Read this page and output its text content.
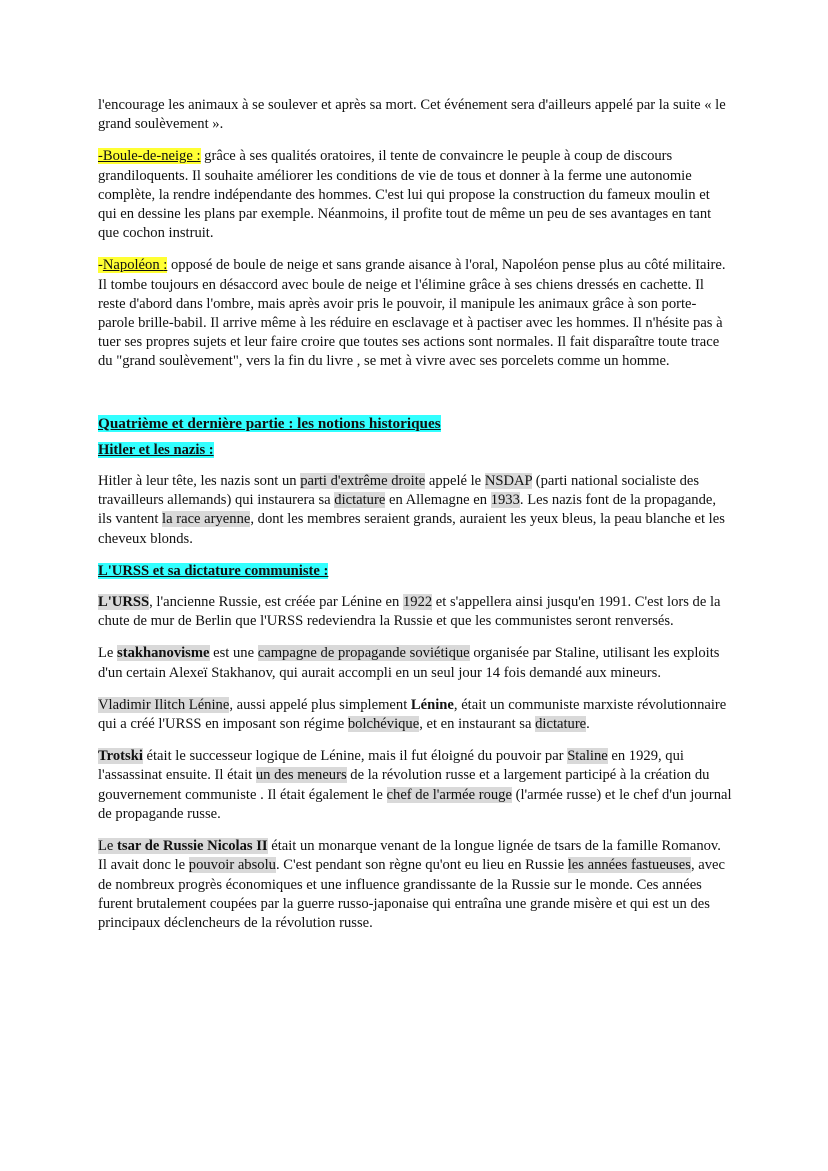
l'encourage les animaux à se soulever et après sa mort. Cet événement sera d'ailleurs appelé par la suite « le grand soulèvement ».

-Boule-de-neige : grâce à ses qualités oratoires, il tente de convaincre le peuple à coup de discours grandiloquents. Il souhaite améliorer les conditions de vie de tous et donner à la ferme une autonomie complète, la rendre indépendante des hommes. C'est lui qui propose la construction du fameux moulin et qui en dessine les plans par exemple. Néanmoins, il profite tout de même un peu de ses avantages en tant que cochon instruit.

-Napoléon : opposé de boule de neige et sans grande aisance à l'oral, Napoléon pense plus au côté militaire. Il tombe toujours en désaccord avec boule de neige et l'élimine grâce à ses chiens dressés en cachette. Il reste d'abord dans l'ombre, mais après avoir pris le pouvoir, il manipule les animaux grâce à son porte-parole brille-babil. Il arrive même à les réduire en esclavage et à pactiser avec les hommes. Il n'hésite pas à tuer ses propres sujets et leur faire croire que toutes ses actions sont normales. Il fait disparaître toute trace du "grand soulèvement", vers la fin du livre , se met à vivre avec ses porcelets comme un homme.

Quatrième et dernière partie : les notions historiques
Hitler et les nazis :

Hitler à leur tête, les nazis sont un parti d'extrême droite appelé le NSDAP (parti national socialiste des travailleurs allemands) qui instaurera sa dictature en Allemagne en 1933. Les nazis font de la propagande, ils vantent la race aryenne, dont les membres seraient grands, auraient les yeux bleus, la peau blanche et les cheveux blonds.

L'URSS et sa dictature communiste :

L'URSS, l'ancienne Russie, est créée par Lénine en 1922 et s'appellera ainsi jusqu'en 1991. C'est lors de la chute de mur de Berlin que l'URSS redeviendra la Russie et que les communistes seront renversés.

Le stakhanovisme est une campagne de propagande soviétique organisée par Staline, utilisant les exploits d'un certain Alexeï Stakhanov, qui aurait accompli en un seul jour 14 fois demandé aux mineurs.

Vladimir Ilitch Lénine, aussi appelé plus simplement Lénine, était un communiste marxiste révolutionnaire qui a créé l'URSS en imposant son régime bolchévique, et en instaurant sa dictature.

Trotski était le successeur logique de Lénine, mais il fut éloigné du pouvoir par Staline en 1929, qui l'assassinat ensuite. Il était un des meneurs de la révolution russe et a largement participé à la création du gouvernement communiste . Il était également le chef de l'armée rouge (l'armée russe) et le chef d'un journal de propagande russe.

Le tsar de Russie Nicolas II était un monarque venant de la longue lignée de tsars de la famille Romanov. Il avait donc le pouvoir absolu. C'est pendant son règne qu'ont eu lieu en Russie les années fastueuses, avec de nombreux progrès économiques et une influence grandissante de la Russie sur le monde. Ces années furent brutalement coupées par la guerre russo-japonaise qui entraîna une grande misère et qui est un des principaux déclencheurs de la révolution russe.
